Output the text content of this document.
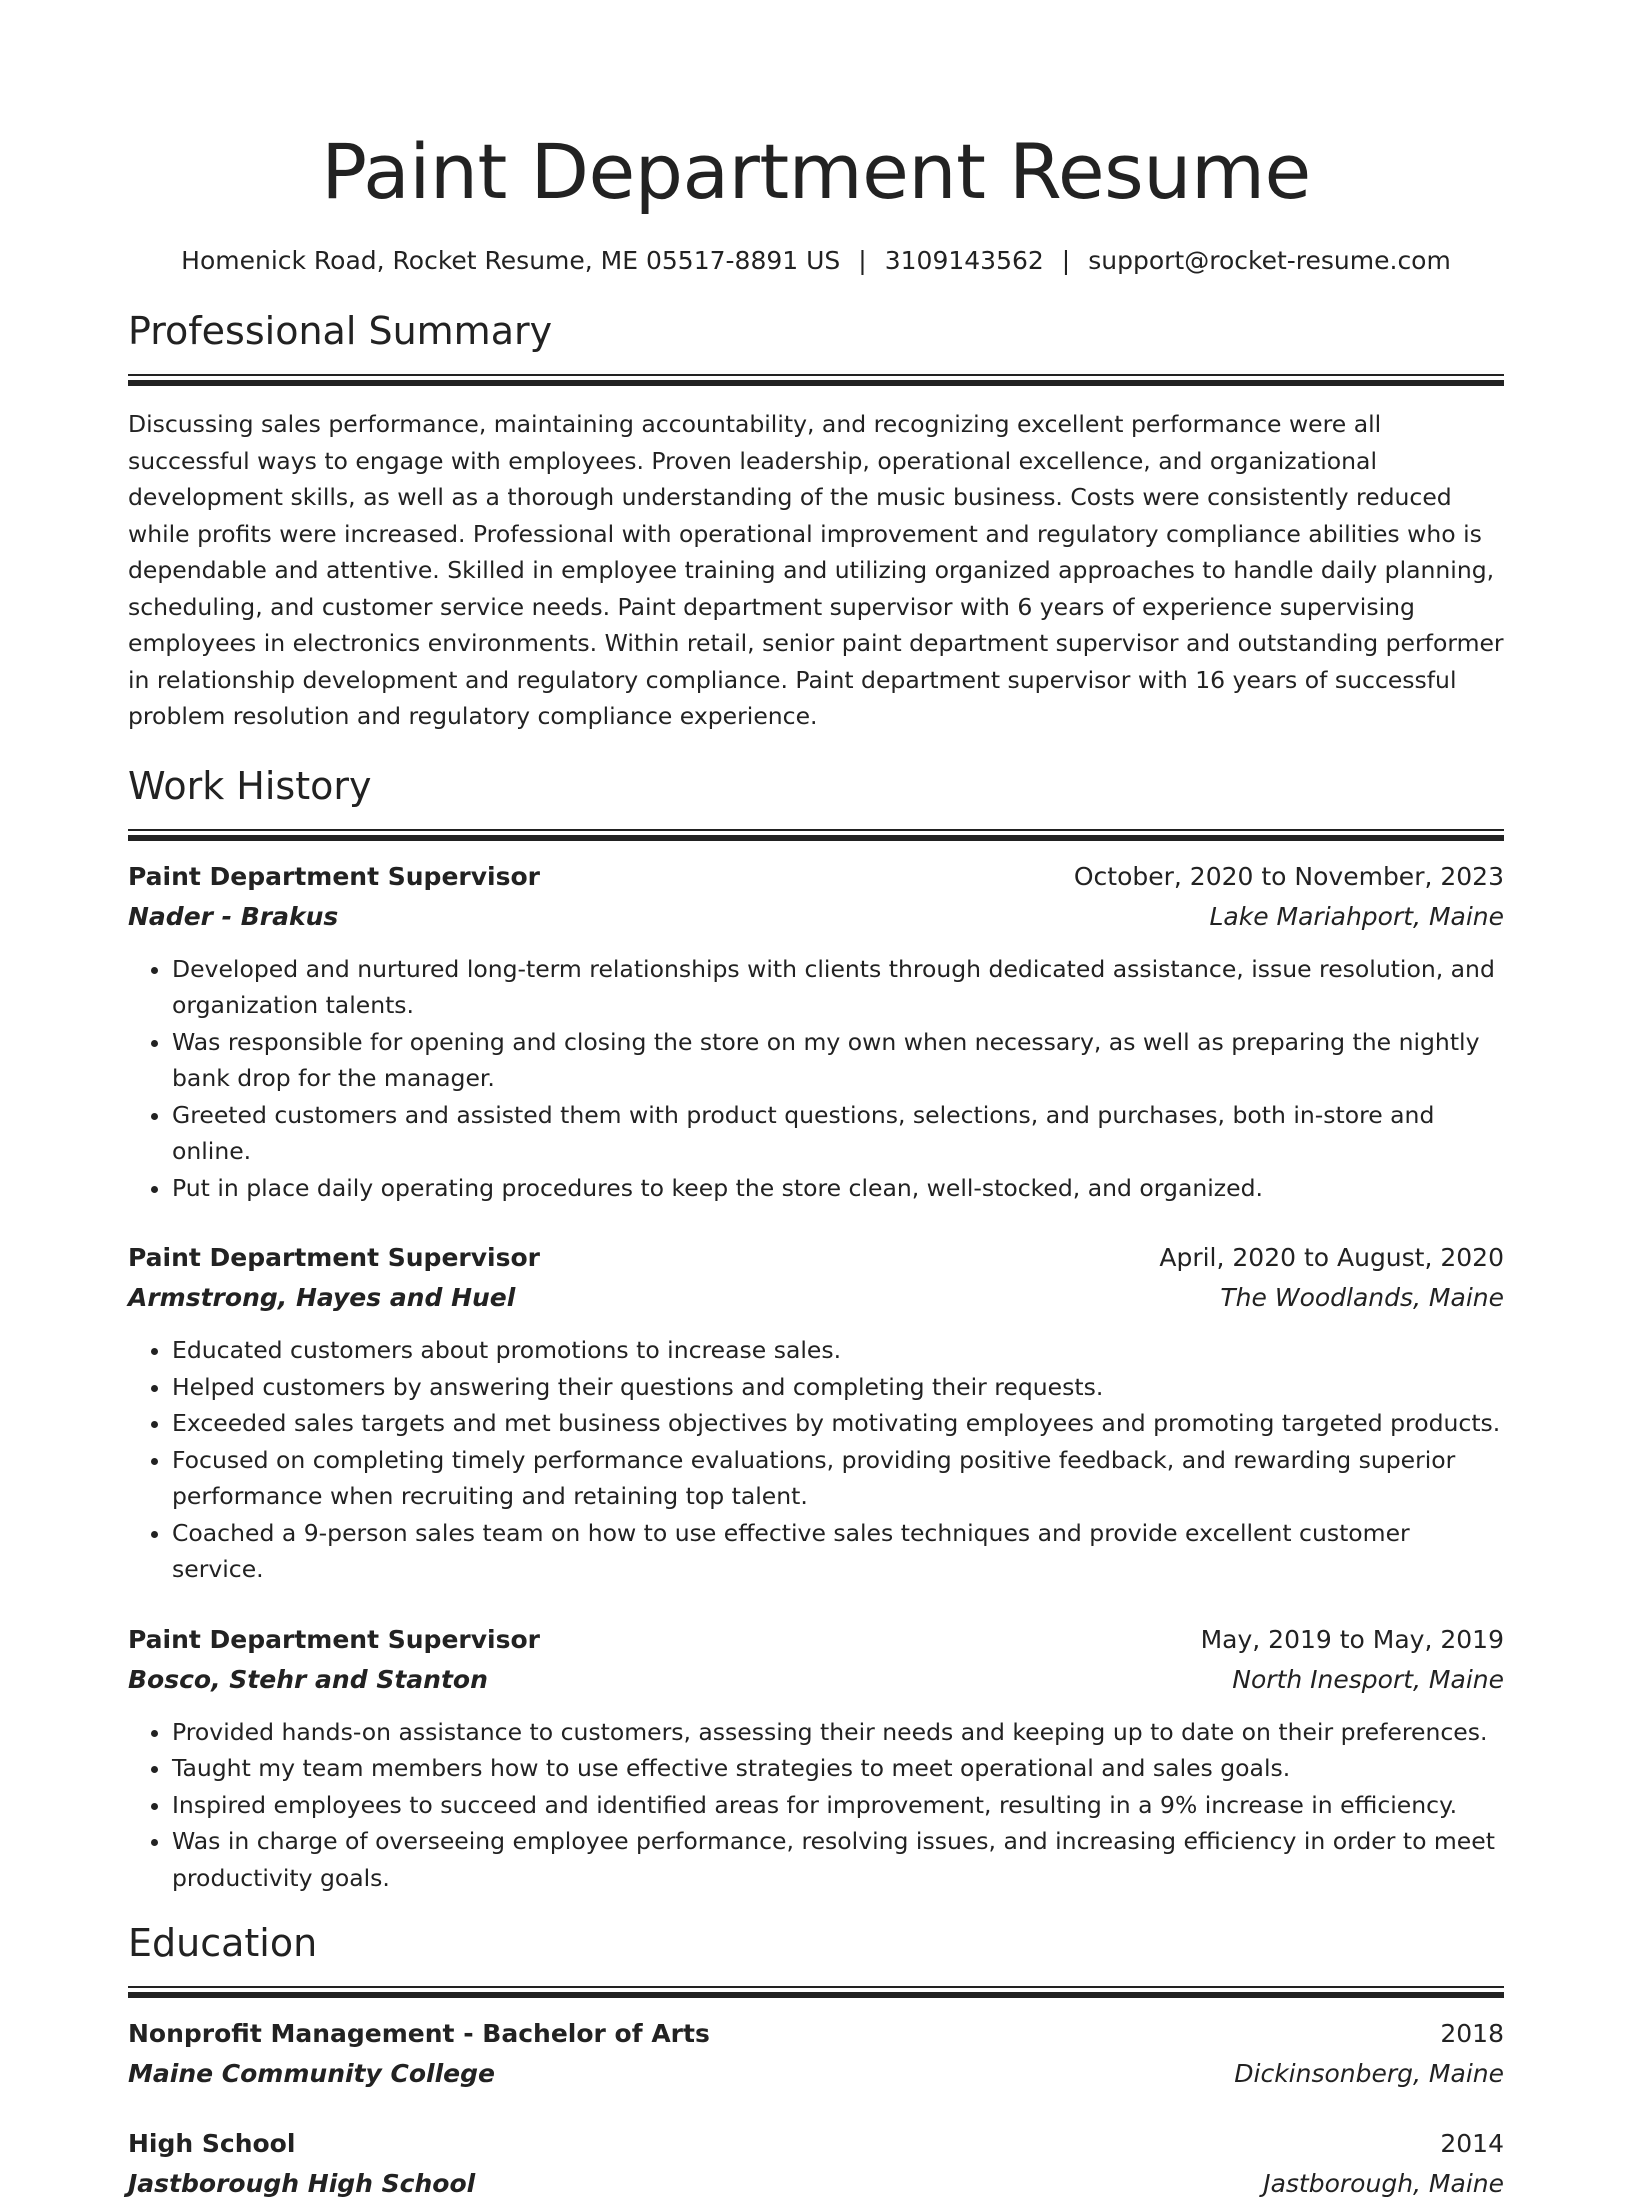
Paint Department Resume
Homenick Road, Rocket Resume, ME 05517-8891 US | 3109143562 | support@rocket-resume.com
Professional Summary
Discussing sales performance, maintaining accountability, and recognizing excellent performance were all successful ways to engage with employees. Proven leadership, operational excellence, and organizational development skills, as well as a thorough understanding of the music business. Costs were consistently reduced while profits were increased. Professional with operational improvement and regulatory compliance abilities who is dependable and attentive. Skilled in employee training and utilizing organized approaches to handle daily planning, scheduling, and customer service needs. Paint department supervisor with 6 years of experience supervising employees in electronics environments. Within retail, senior paint department supervisor and outstanding performer in relationship development and regulatory compliance. Paint department supervisor with 16 years of successful problem resolution and regulatory compliance experience.
Work History
Paint Department Supervisor	October, 2020 to November, 2023
Nader - Brakus	Lake Mariahport, Maine
• Developed and nurtured long-term relationships with clients through dedicated assistance, issue resolution, and organization talents.
• Was responsible for opening and closing the store on my own when necessary, as well as preparing the nightly bank drop for the manager.
• Greeted customers and assisted them with product questions, selections, and purchases, both in-store and online.
• Put in place daily operating procedures to keep the store clean, well-stocked, and organized.
Paint Department Supervisor	April, 2020 to August, 2020
Armstrong, Hayes and Huel	The Woodlands, Maine
• Educated customers about promotions to increase sales.
• Helped customers by answering their questions and completing their requests.
• Exceeded sales targets and met business objectives by motivating employees and promoting targeted products.
• Focused on completing timely performance evaluations, providing positive feedback, and rewarding superior performance when recruiting and retaining top talent.
• Coached a 9-person sales team on how to use effective sales techniques and provide excellent customer service.
Paint Department Supervisor	May, 2019 to May, 2019
Bosco, Stehr and Stanton	North Inesport, Maine
• Provided hands-on assistance to customers, assessing their needs and keeping up to date on their preferences.
• Taught my team members how to use effective strategies to meet operational and sales goals.
• Inspired employees to succeed and identified areas for improvement, resulting in a 9% increase in efficiency.
• Was in charge of overseeing employee performance, resolving issues, and increasing efficiency in order to meet productivity goals.
Education
Nonprofit Management - Bachelor of Arts	2018
Maine Community College	Dickinsonberg, Maine
High School	2014
Jastborough High School	Jastborough, Maine
